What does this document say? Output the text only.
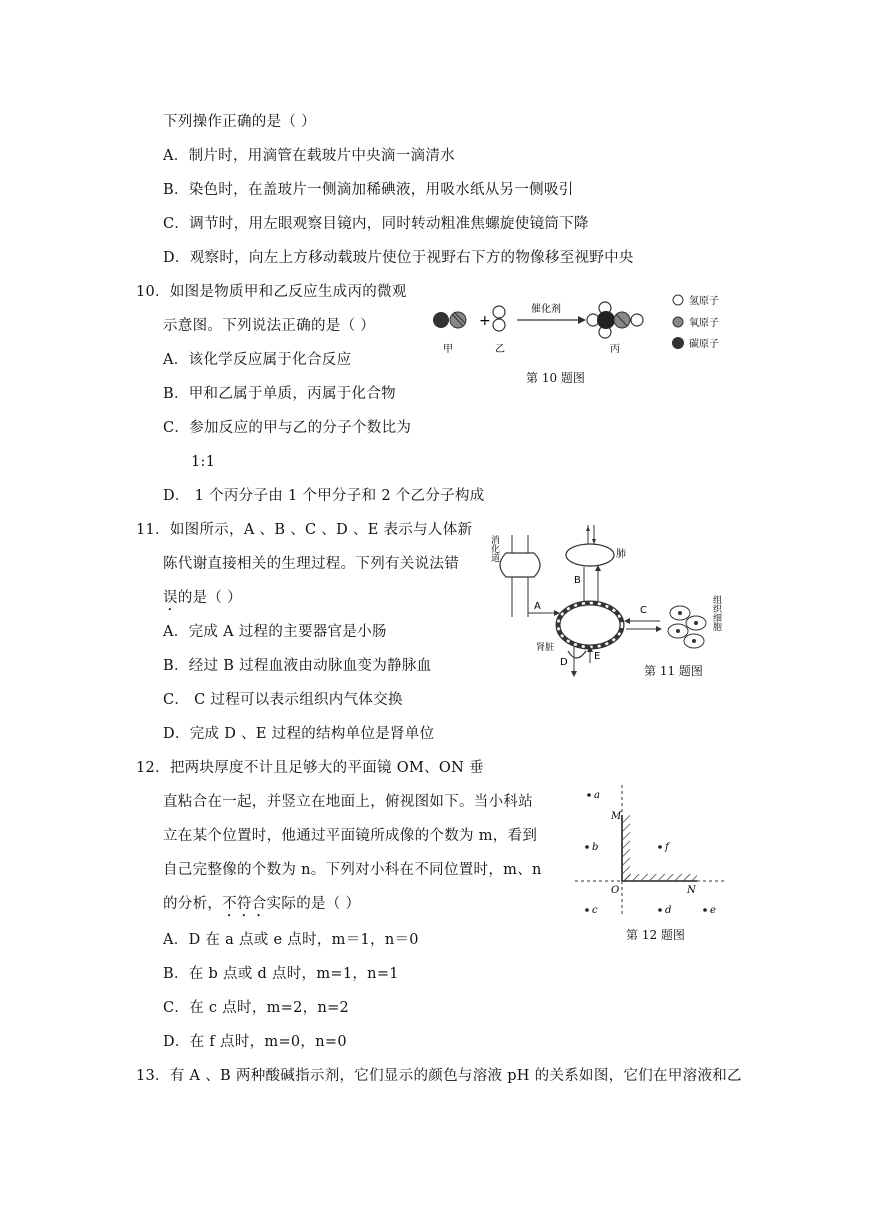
下列操作正确的是（ ）
A．制片时，用滴管在载玻片中央滴一滴清水
B．染色时，在盖玻片一侧滴加稀碘液，用吸水纸从另一侧吸引
C．调节时，用左眼观察目镜内，同时转动粗准焦螺旋使镜筒下降
D．观察时，向左上方移动载玻片使位于视野右下方的物像移至视野中央
10．如图是物质甲和乙反应生成丙的微观
示意图。下列说法正确的是（ ）
A．该化学反应属于化合反应
B．甲和乙属于单质，丙属于化合物
C．参加反应的甲与乙的分子个数比为
1:1
D． 1 个丙分子由 1 个甲分子和 2 个乙分子构成
+
催化剂
甲	乙	丙
氢原子
氧原子
碳原子
第 10 题图
11．如图所示，A 、B 、C 、D 、E 表示与人体新
陈代谢直接相关的生理过程。下列有关说法错
误的是（ ）
A．完成 A 过程的主要器官是小肠
B．经过 B 过程血液由动脉血变为静脉血
C． C 过程可以表示组织内气体交换
D．完成 D 、E 过程的结构单位是肾单位
肺
B
消化道
A	C	组织细胞
肾脏
D
E
第 11 题图
12．把两块厚度不计且足够大的平面镜 OM、ON 垂
直粘合在一起，并竖立在地面上，俯视图如下。当小科站
立在某个位置时，他通过平面镜所成像的个数为 m，看到
自己完整像的个数为 n。下列对小科在不同位置时，m、n
的分析，不符合实际的是（ ）
A．D 在 a 点或 e 点时，m＝1，n＝0
B．在 b 点或 d 点时，m=1，n=1
C．在 c 点时，m=2，n=2
D．在 f 点时，m=0，n=0
M
O	N
a
b	f
c	d	e
第 12 题图
13．有 A 、B 两种酸碱指示剂，它们显示的颜色与溶液 pH 的关系如图，它们在甲溶液和乙
